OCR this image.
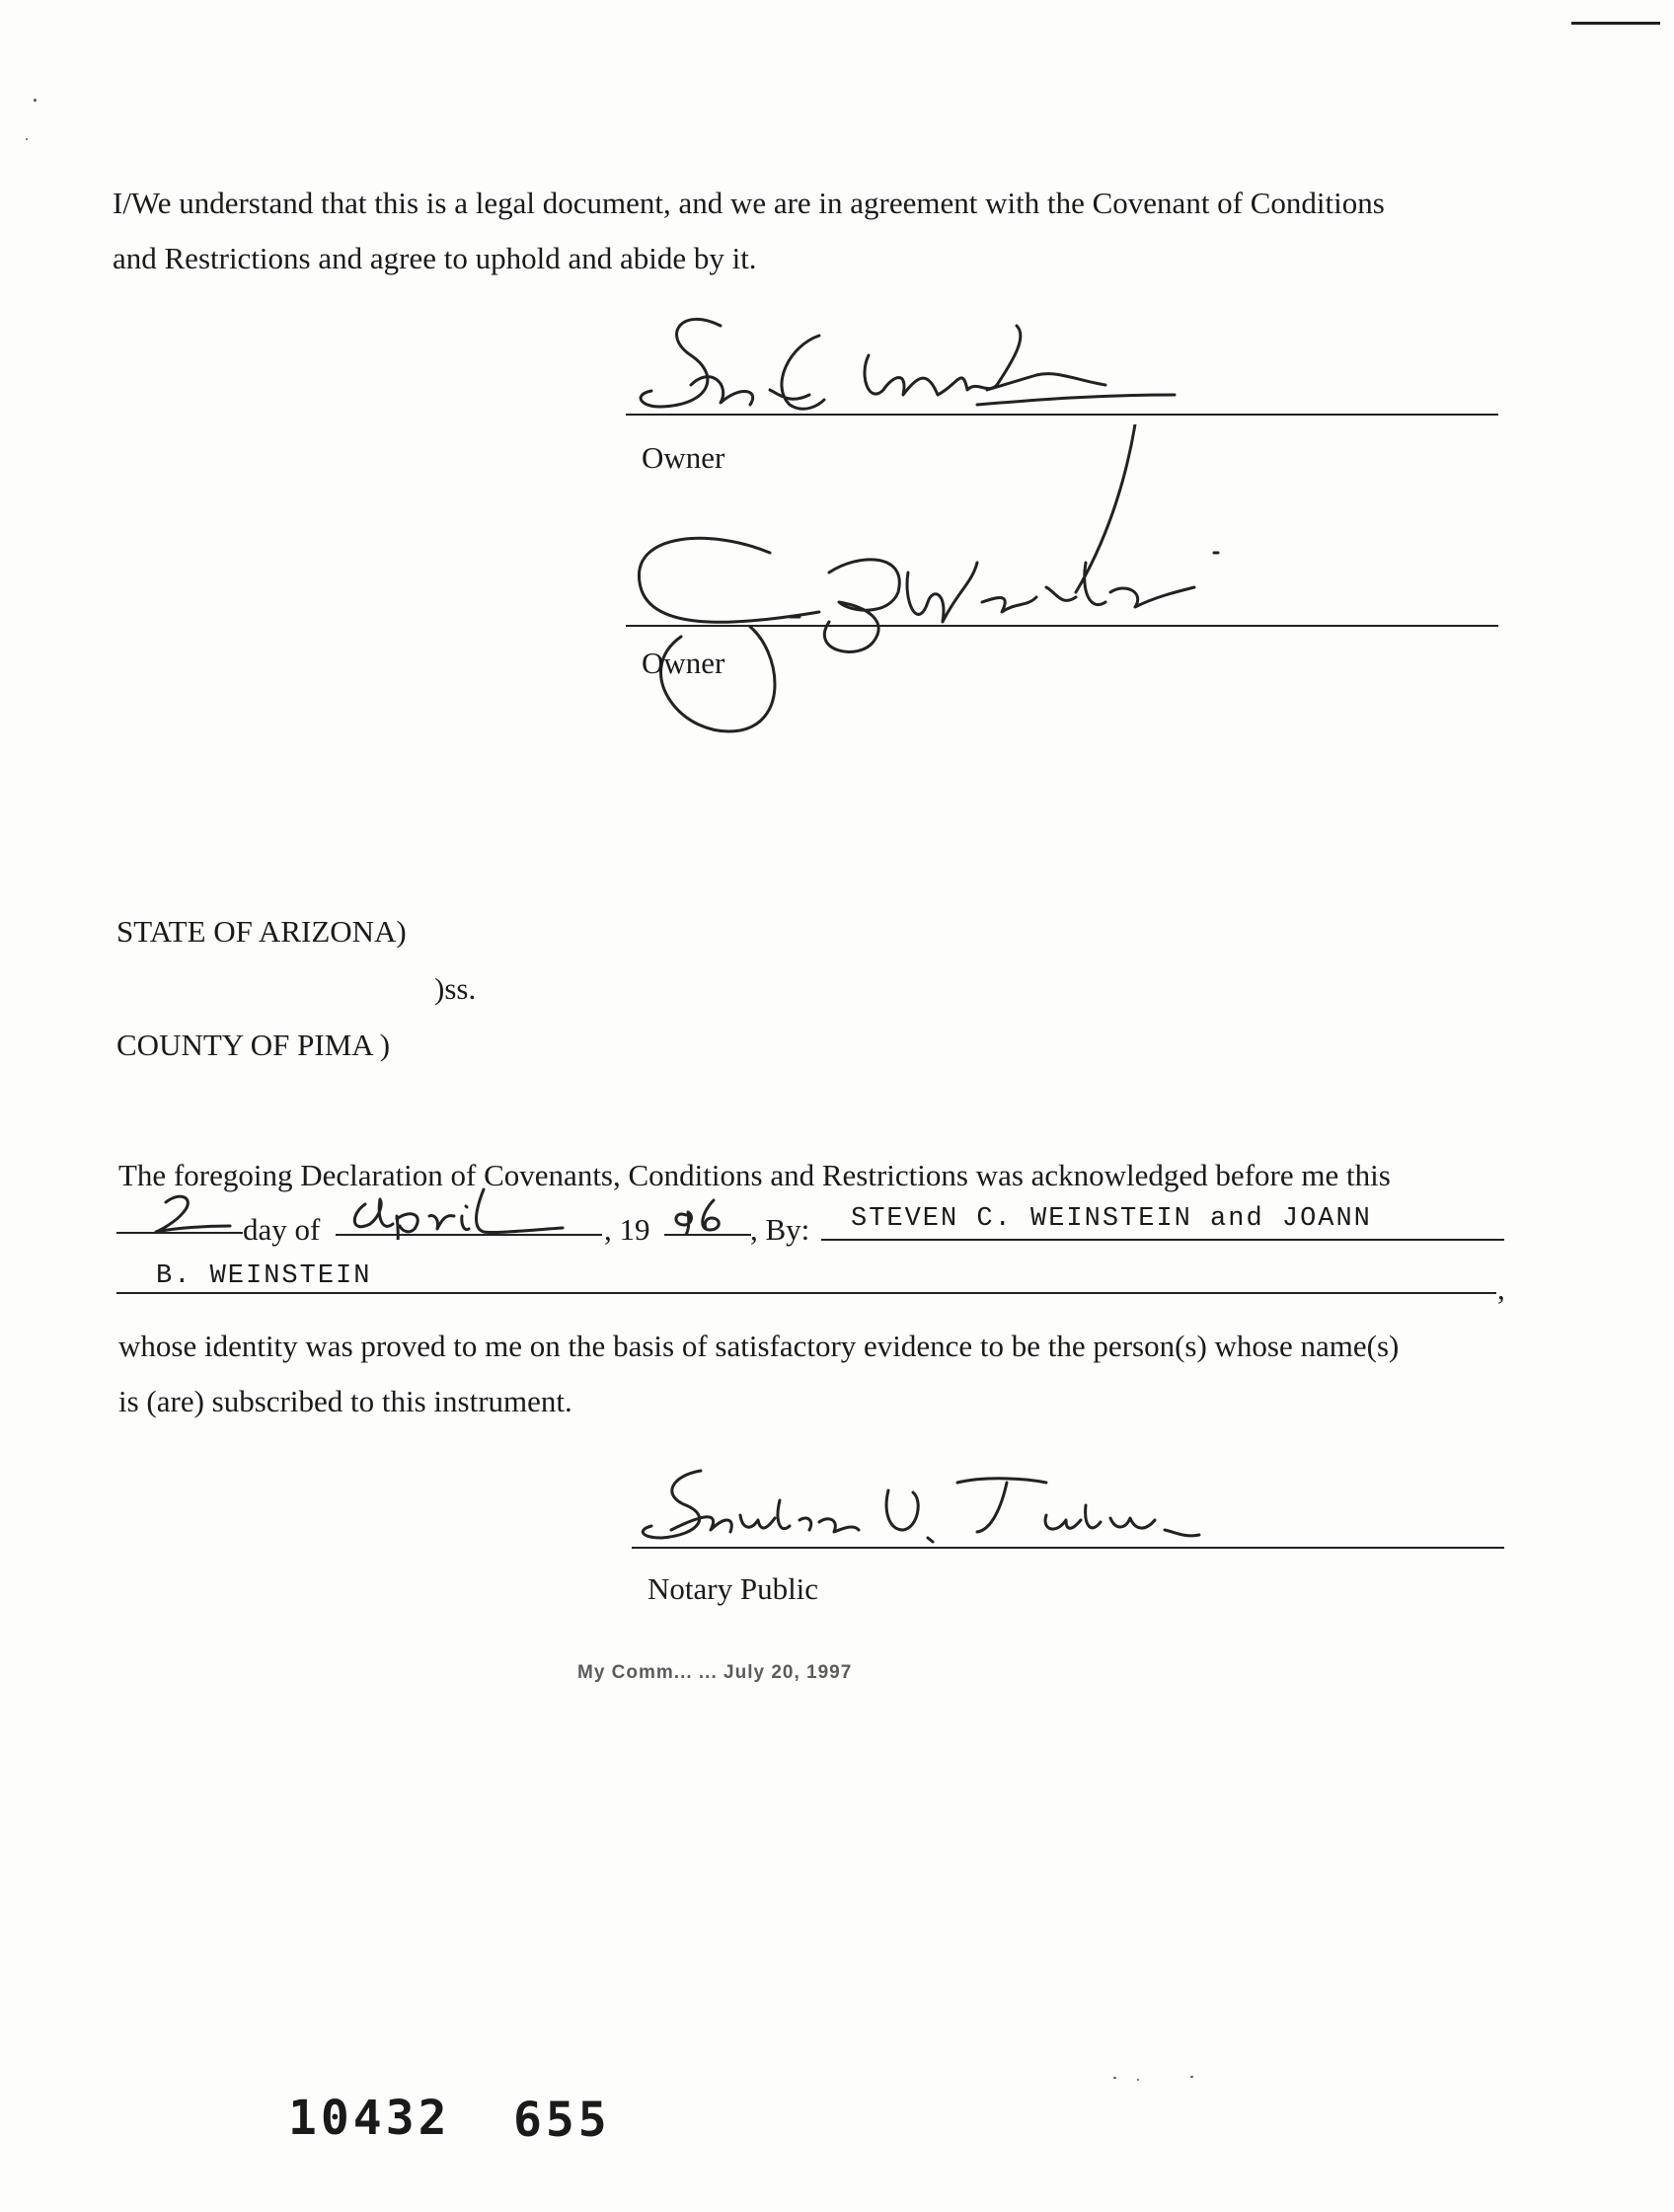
I/We understand that this is a legal document, and we are in agreement with the Covenant of Conditions
and Restrictions and agree to uphold and abide by it.
Owner
Owner
STATE OF ARIZONA)
)ss.
COUNTY OF PIMA )
The foregoing Declaration of Covenants, Conditions and Restrictions was acknowledged before me this
day of	, 19	, By: STEVEN C. WEINSTEIN and JOANN
B. WEINSTEIN	,
whose identity was proved to me on the basis of satisfactory evidence to be the person(s) whose name(s)
is (are) subscribed to this instrument.
Notary Public
My Comm... ... July 20, 1997
10432 655
